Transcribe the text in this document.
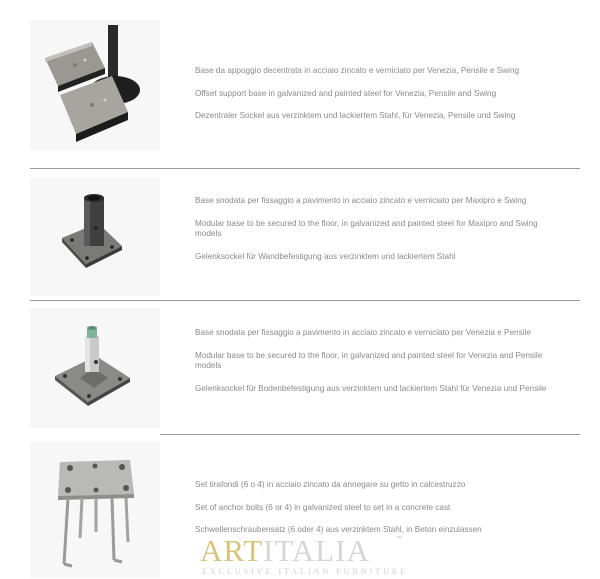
Base da appoggio decentrata in acciaio zincato e verniciato per Venezia, Pensile e Swing

Offset support base in galvanized and painted steel for Venezia, Pensile and Swing

Dezentraler Sockel aus verzinktem und lackiertem Stahl, für Venezia, Pensile und Swing

Base snodata per fissaggio a pavimento in acciaio zincato e verniciato per Maxipro e Swing

Modular base to be secured to the floor, in galvanized and painted steel for Maxipro and Swing models

Gelenksockel für Wandbefestigung aus verzinktem und lackiertem Stahl

Base snodata per fissaggio a pavimento in acciaio zincato e verniciato per Venezia e Pensile

Modular base to be secured to the floor, in galvanized and painted steel for Venezia and Pensile models

Gelenksockel für Bodenbefestigung aus verzinktem und lackiertem Stahl für Venezia und Pensile

Set tirafondi (6 o 4) in acciaio zincato da annegare su getto in calcestruzzo

Set of anchor bolts (6 or 4) in galvanized steel to set in a concrete cast

Schwellenschraubensatz (6 oder 4) aus verzinktem Stahl, in Beton einzulassen

ARTITALIA	™
EXCLUSIVE ITALIAN FURNITURE
